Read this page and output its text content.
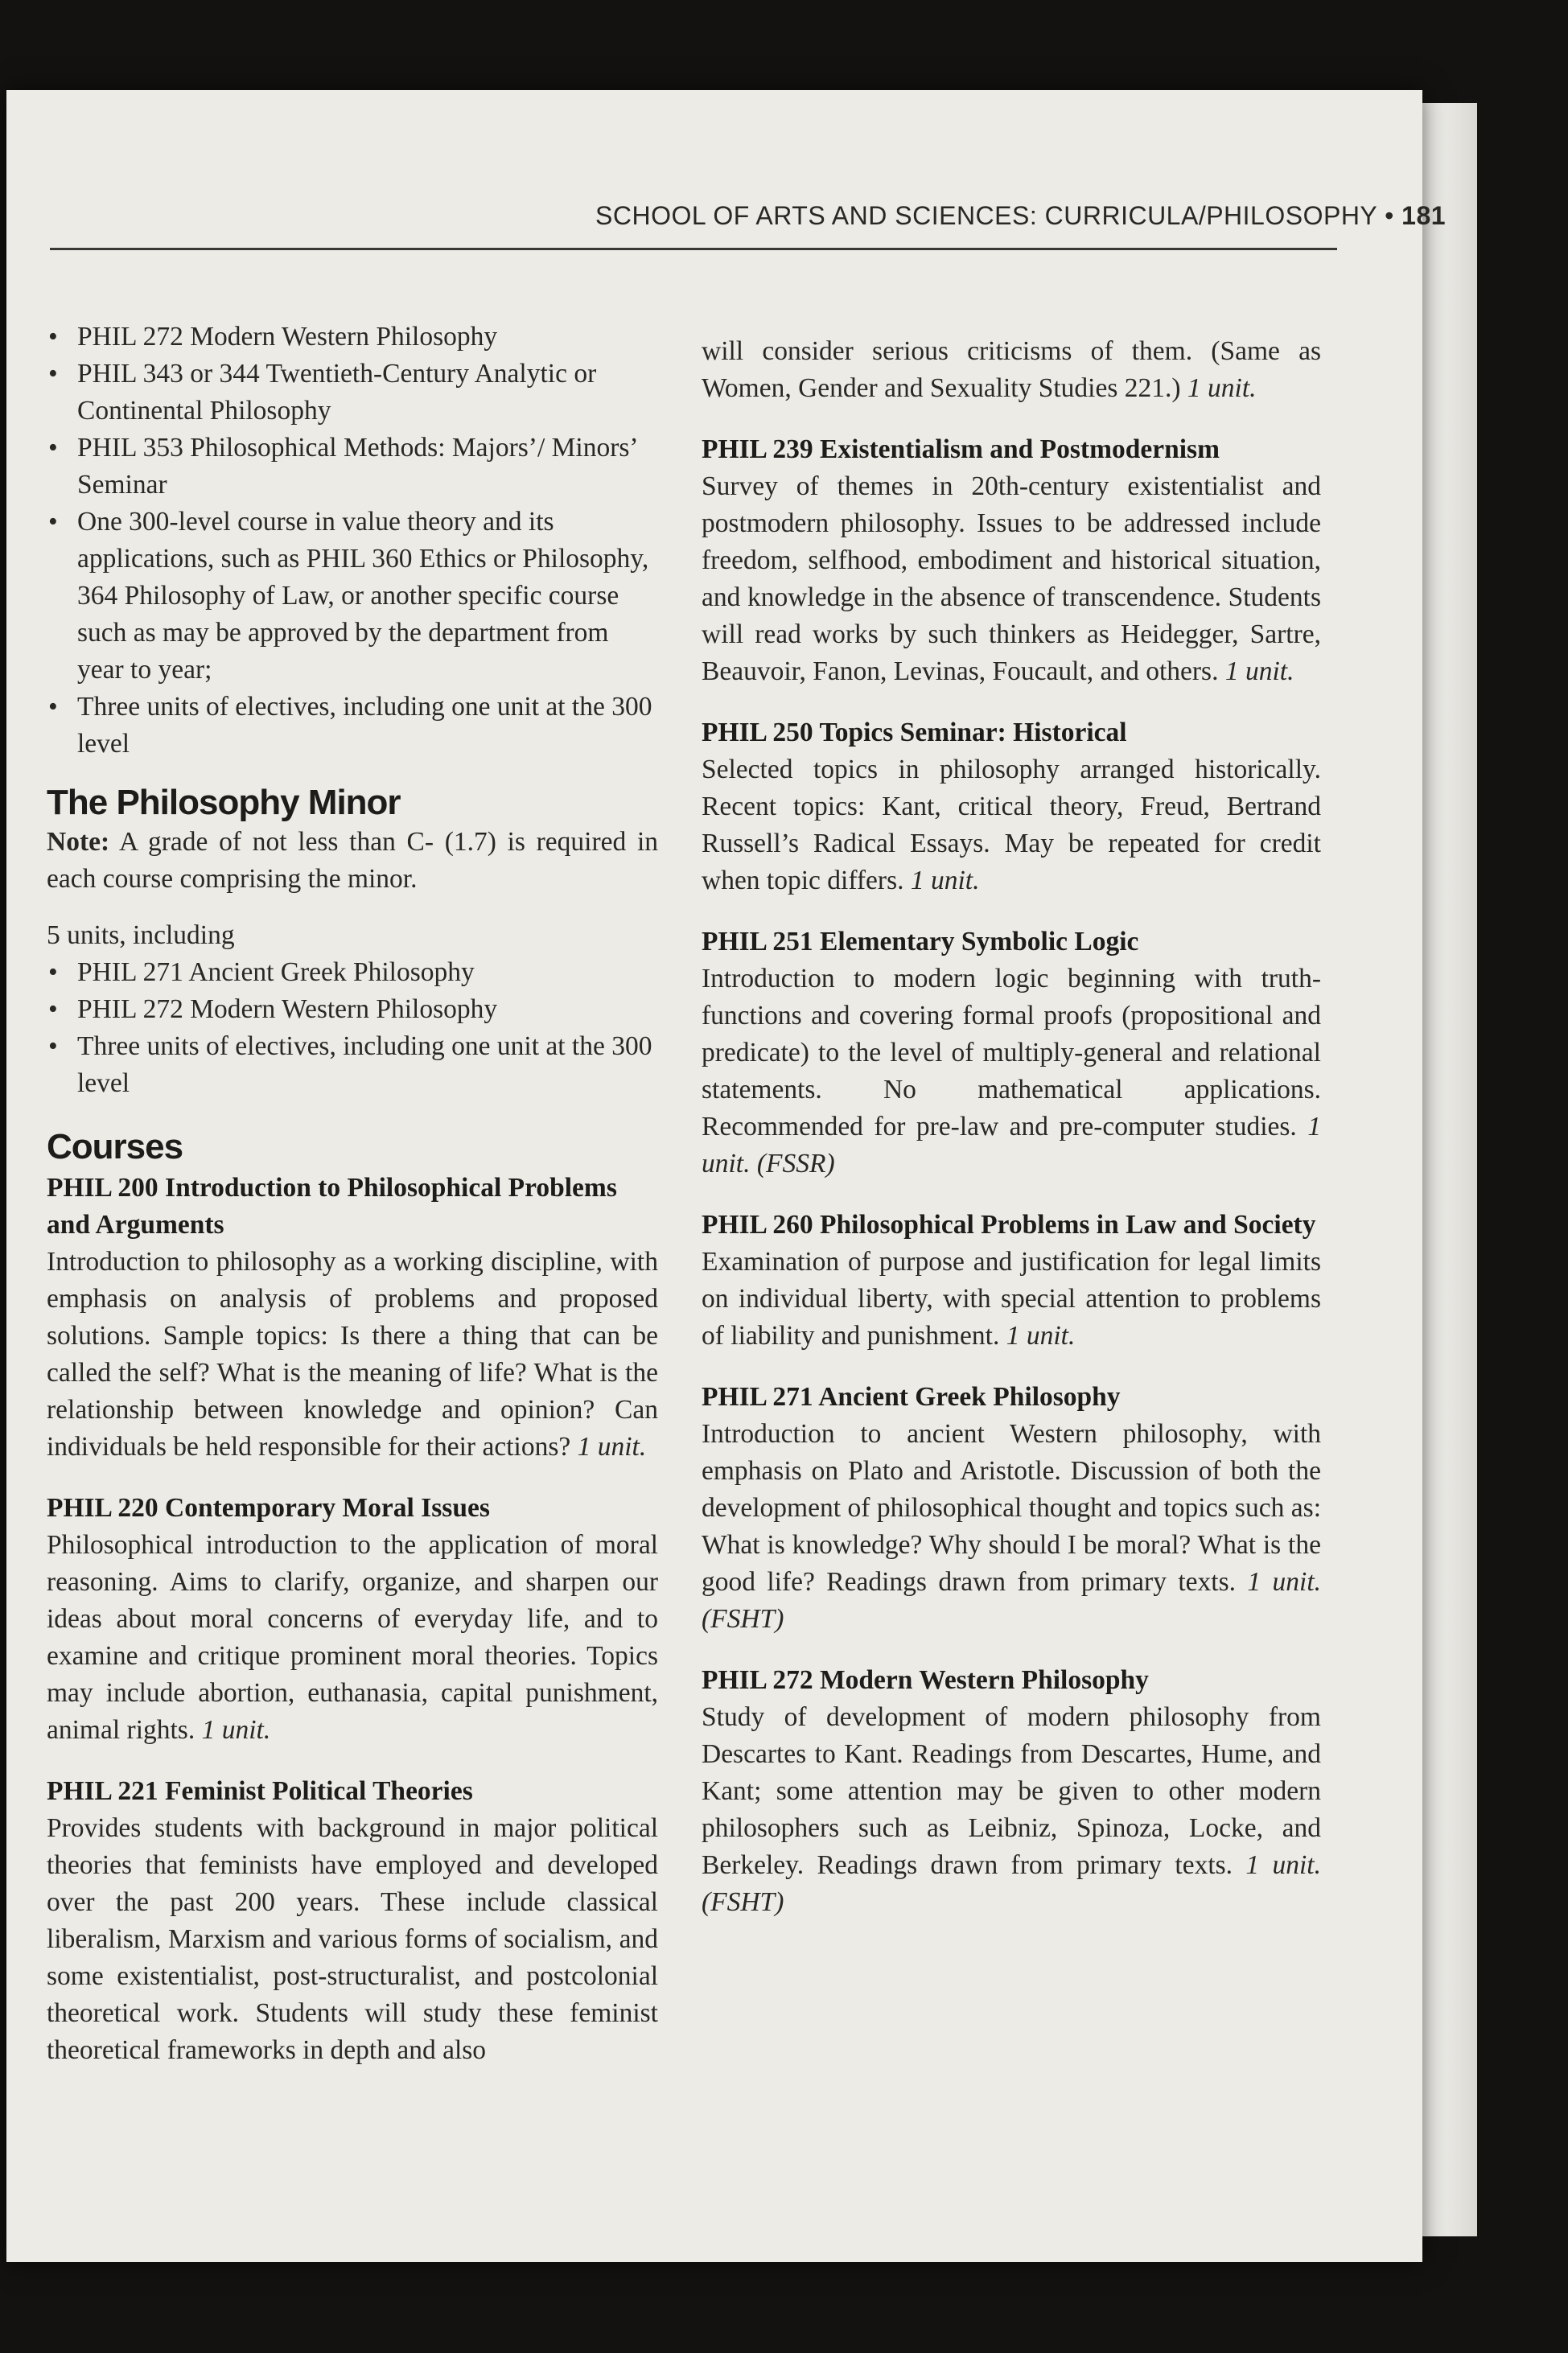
SCHOOL OF ARTS AND SCIENCES: CURRICULA/PHILOSOPHY • 181
• PHIL 272 Modern Western Philosophy
• PHIL 343 or 344 Twentieth-Century Analytic or Continental Philosophy
• PHIL 353 Philosophical Methods: Majors’/ Minors’ Seminar
• One 300-level course in value theory and its applications, such as PHIL 360 Ethics or Philosophy, 364 Philosophy of Law, or another specific course such as may be approved by the department from year to year;
• Three units of electives, including one unit at the 300 level
The Philosophy Minor

Note: A grade of not less than C- (1.7) is required in each course comprising the minor.

5 units, including

• PHIL 271 Ancient Greek Philosophy
• PHIL 272 Modern Western Philosophy
• Three units of electives, including one unit at the 300 level
Courses
PHIL 200 Introduction to Philosophical Problems and Arguments

Introduction to philosophy as a working discipline, with emphasis on analysis of problems and proposed solutions. Sample topics: Is there a thing that can be called the self? What is the meaning of life? What is the relationship between knowledge and opinion? Can individuals be held responsible for their actions? 1 unit.

PHIL 220 Contemporary Moral Issues

Philosophical introduction to the application of moral reasoning. Aims to clarify, organize, and sharpen our ideas about moral concerns of everyday life, and to examine and critique prominent moral theories. Topics may include abortion, euthanasia, capital punishment, animal rights. 1 unit.

PHIL 221 Feminist Political Theories

Provides students with background in major political theories that feminists have employed and developed over the past 200 years. These include classical liberalism, Marxism and various forms of socialism, and some existentialist, post-structuralist, and postcolonial theoretical work. Students will study these feminist theoretical frameworks in depth and also

will consider serious criticisms of them. (Same as Women, Gender and Sexuality Studies 221.) 1 unit.

PHIL 239 Existentialism and Postmodernism

Survey of themes in 20th-century existentialist and postmodern philosophy. Issues to be addressed include freedom, selfhood, embodiment and historical situation, and knowledge in the absence of transcendence. Students will read works by such thinkers as Heidegger, Sartre, Beauvoir, Fanon, Levinas, Foucault, and others. 1 unit.

PHIL 250 Topics Seminar: Historical

Selected topics in philosophy arranged historically. Recent topics: Kant, critical theory, Freud, Bertrand Russell’s Radical Essays. May be repeated for credit when topic differs. 1 unit.

PHIL 251 Elementary Symbolic Logic

Introduction to modern logic beginning with truth-functions and covering formal proofs (propositional and predicate) to the level of multiply-general and relational statements. No mathematical applications. Recommended for pre-law and pre-computer studies. 1 unit. (FSSR)

PHIL 260 Philosophical Problems in Law and Society

Examination of purpose and justification for legal limits on individual liberty, with special attention to problems of liability and punishment. 1 unit.

PHIL 271 Ancient Greek Philosophy

Introduction to ancient Western philosophy, with emphasis on Plato and Aristotle. Discussion of both the development of philosophical thought and topics such as: What is knowledge? Why should I be moral? What is the good life? Readings drawn from primary texts. 1 unit. (FSHT)

PHIL 272 Modern Western Philosophy

Study of development of modern philosophy from Descartes to Kant. Readings from Descartes, Hume, and Kant; some attention may be given to other modern philosophers such as Leibniz, Spinoza, Locke, and Berkeley. Readings drawn from primary texts. 1 unit. (FSHT)
